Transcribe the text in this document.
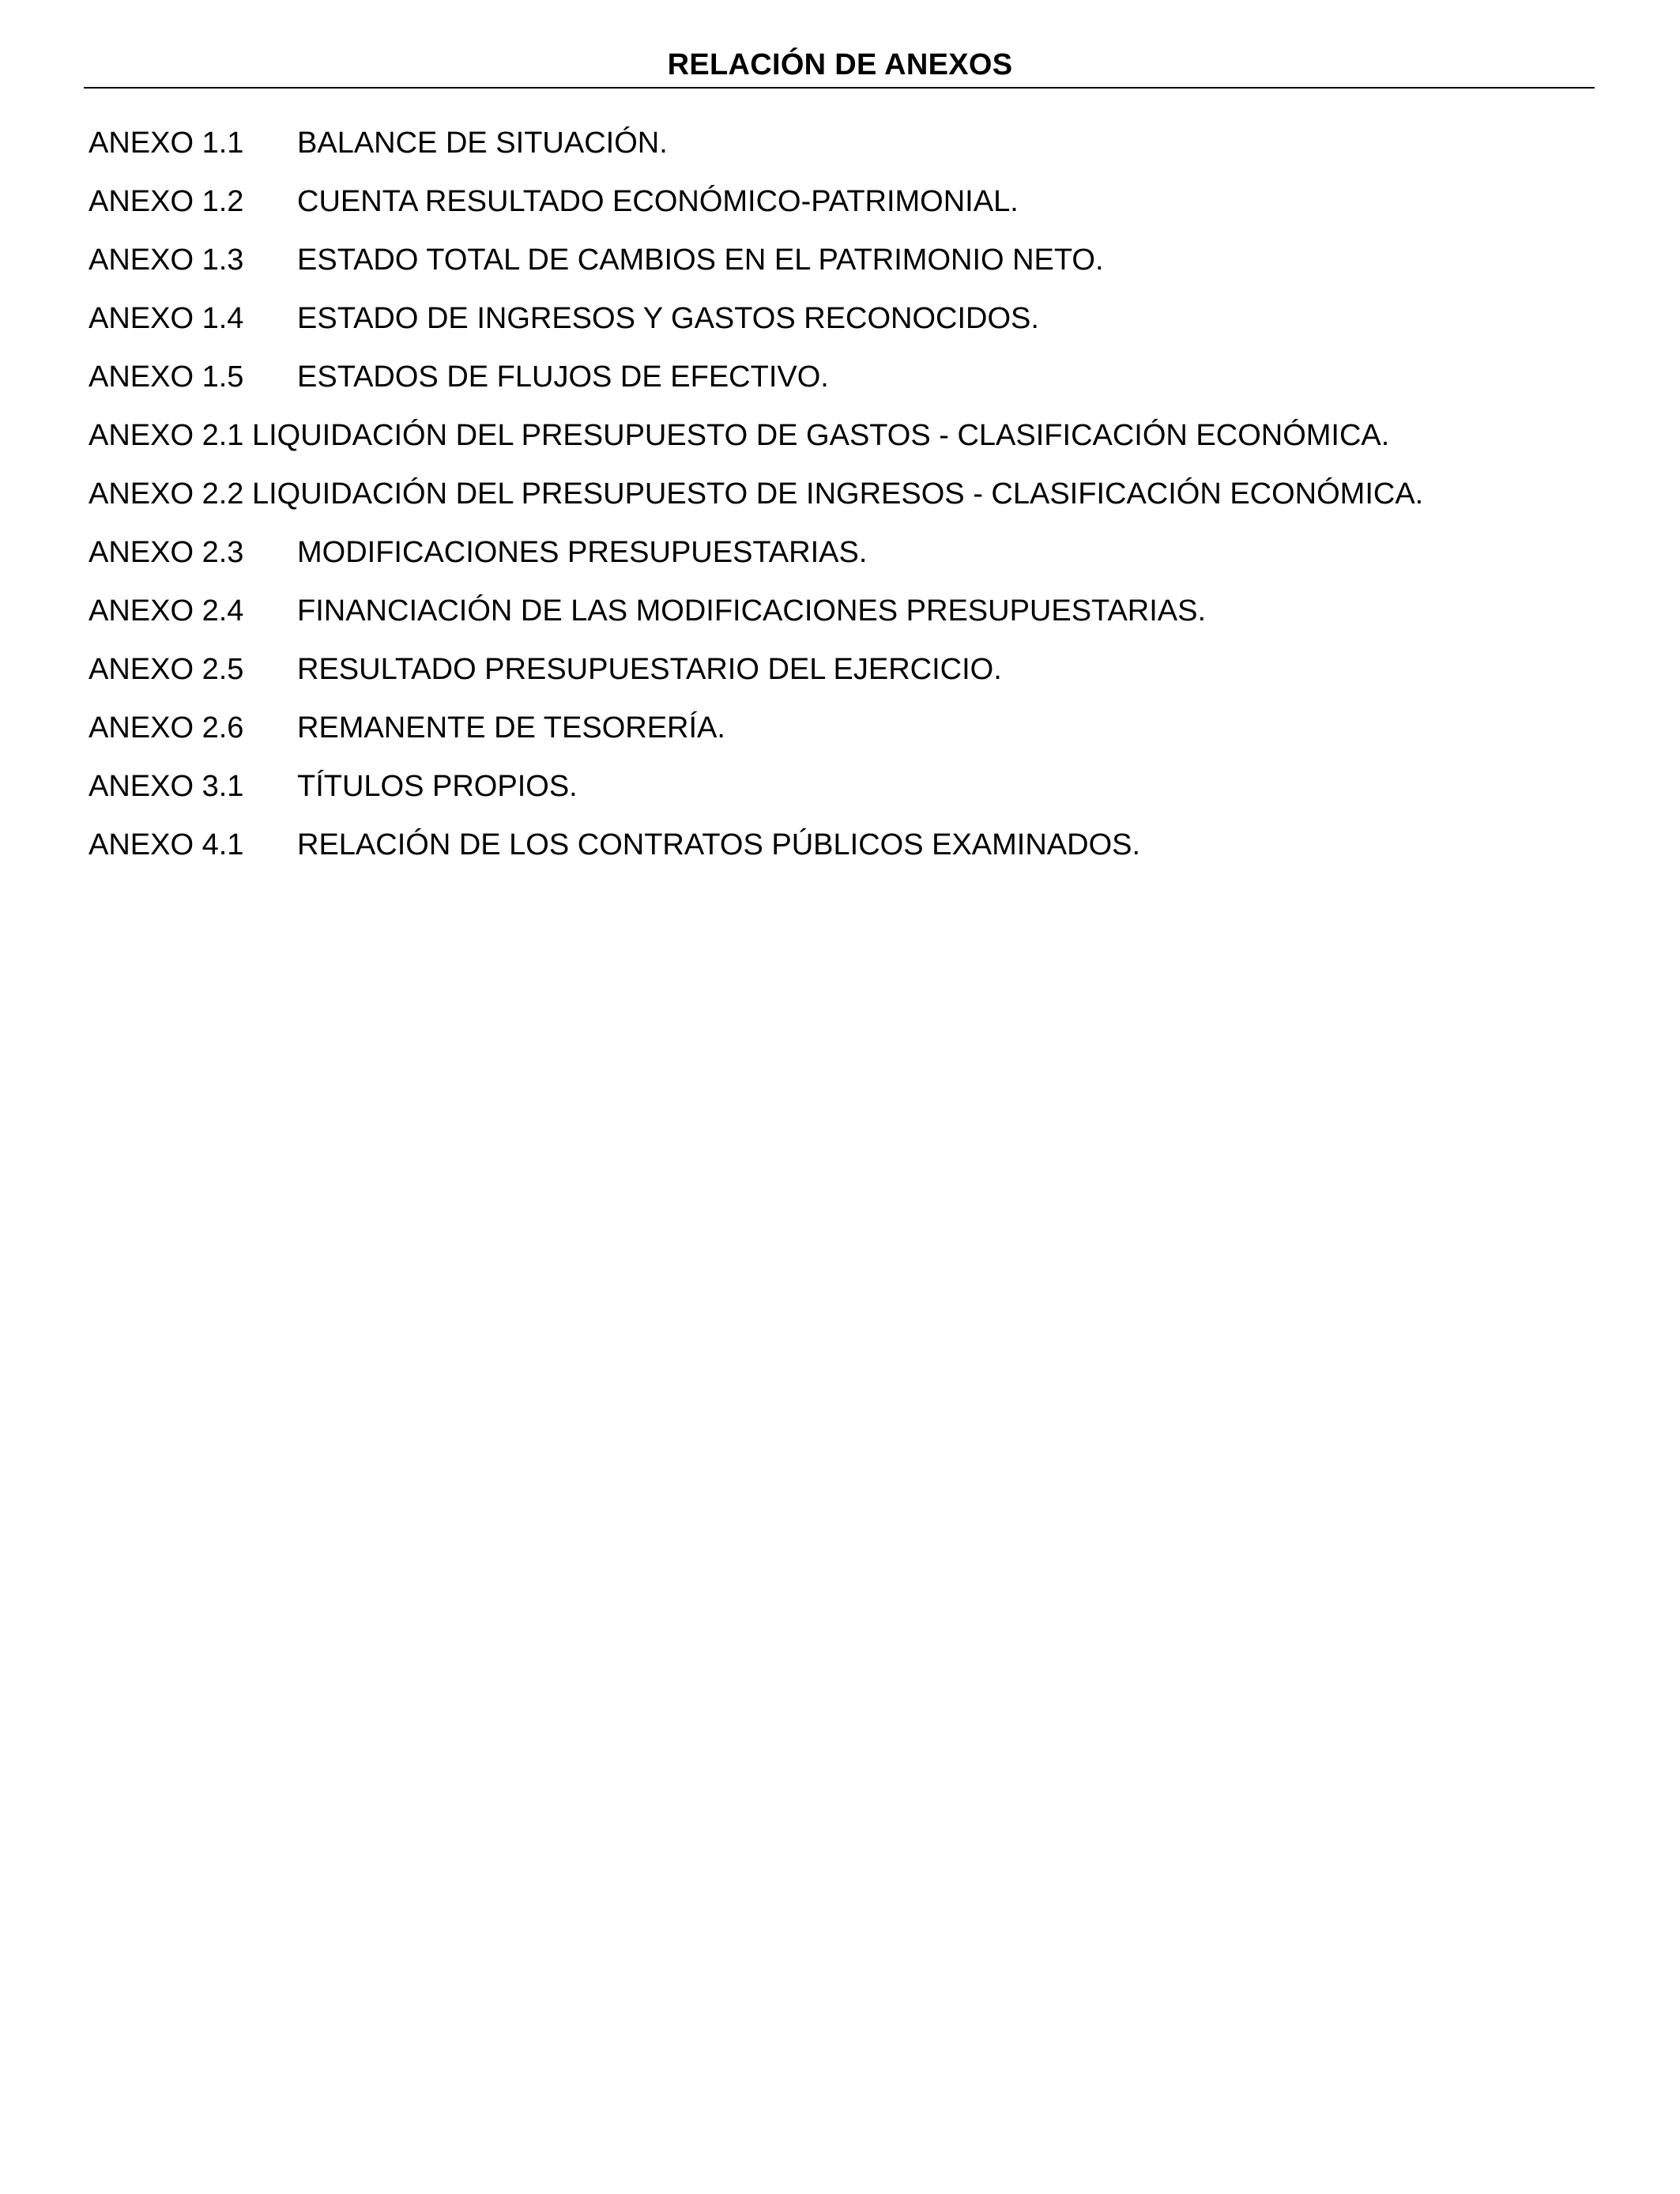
RELACIÓN DE ANEXOS
ANEXO 1.1 BALANCE DE SITUACIÓN.
ANEXO 1.2 CUENTA RESULTADO ECONÓMICO-PATRIMONIAL.
ANEXO 1.3 ESTADO TOTAL DE CAMBIOS EN EL PATRIMONIO NETO.
ANEXO 1.4 ESTADO DE INGRESOS Y GASTOS RECONOCIDOS.
ANEXO 1.5 ESTADOS DE FLUJOS DE EFECTIVO.
ANEXO 2.1 LIQUIDACIÓN DEL PRESUPUESTO DE GASTOS - CLASIFICACIÓN ECONÓMICA.
ANEXO 2.2 LIQUIDACIÓN DEL PRESUPUESTO DE INGRESOS - CLASIFICACIÓN ECONÓMICA.
ANEXO 2.3 MODIFICACIONES PRESUPUESTARIAS.
ANEXO 2.4 FINANCIACIÓN DE LAS MODIFICACIONES PRESUPUESTARIAS.
ANEXO 2.5 RESULTADO PRESUPUESTARIO DEL EJERCICIO.
ANEXO 2.6 REMANENTE DE TESORERÍA.
ANEXO 3.1 TÍTULOS PROPIOS.
ANEXO 4.1 RELACIÓN DE LOS CONTRATOS PÚBLICOS EXAMINADOS.
